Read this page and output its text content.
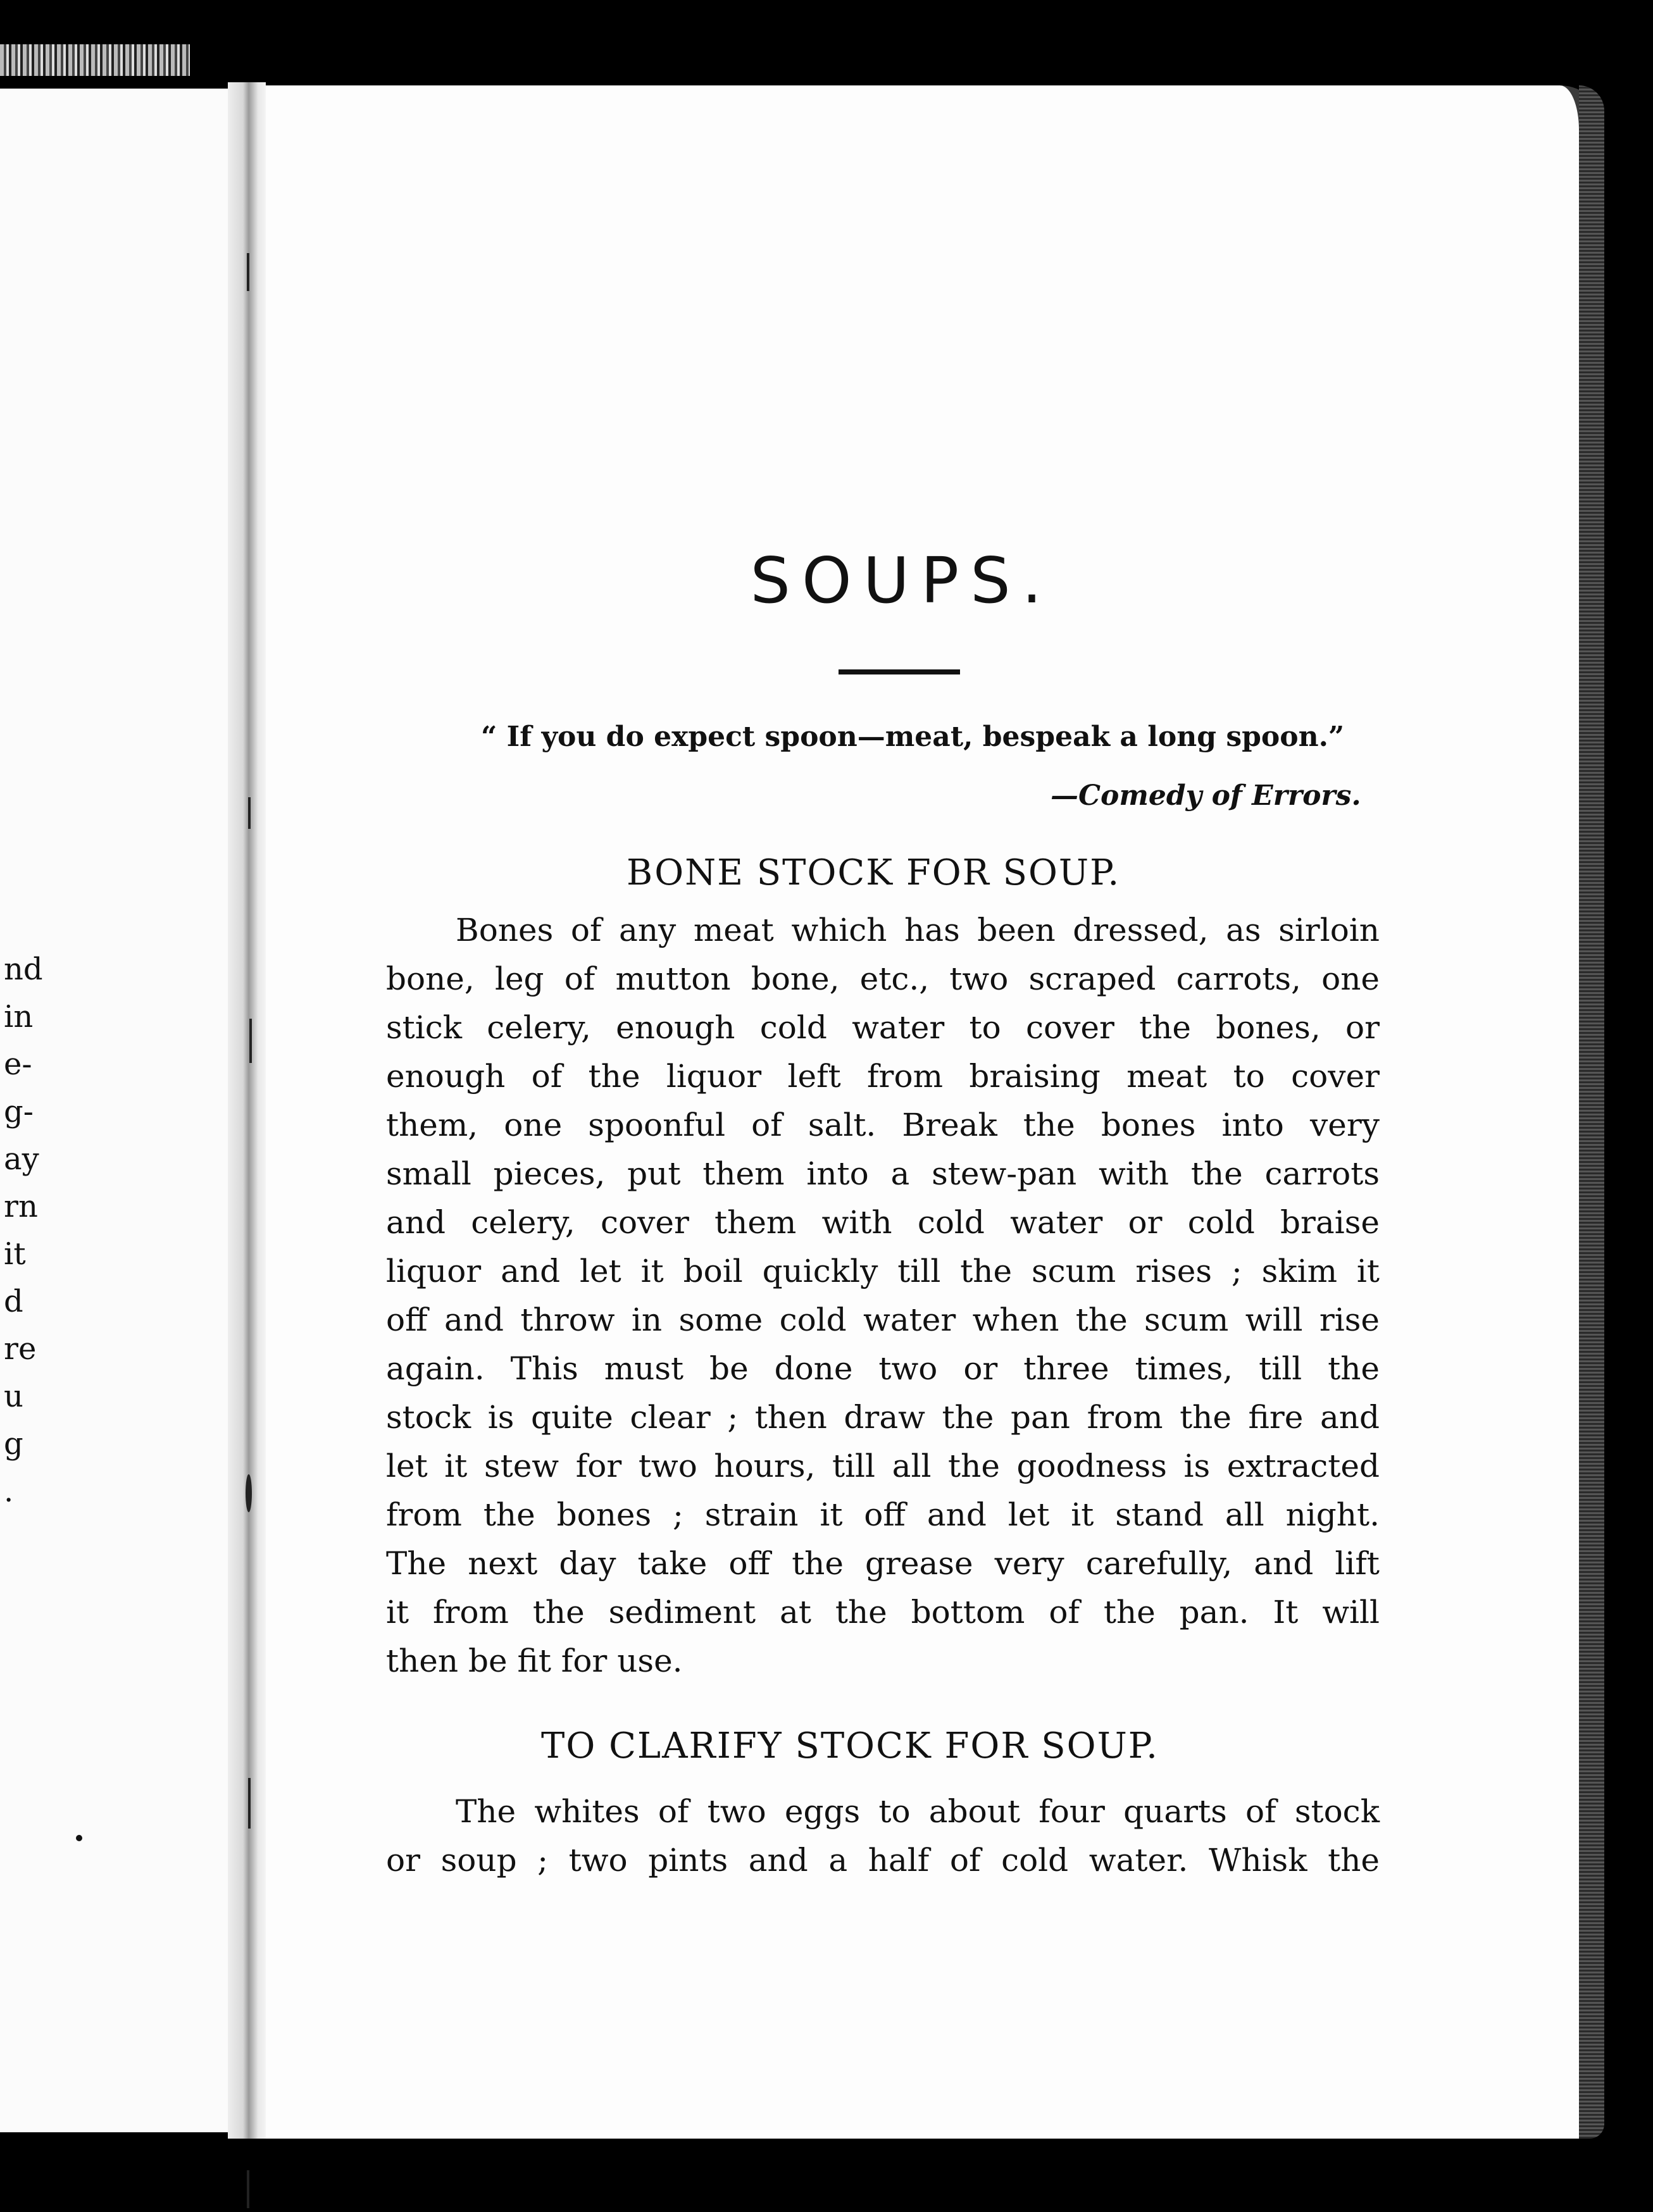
nd
in
e-
g-
ay
rn
it
d
re
u
g
.
SOUPS.
“ If you do expect spoon—meat, bespeak a long spoon.”
—Comedy of Errors.
BONE STOCK FOR SOUP.
Bones of any meat which has been dressed, as sirloin
bone, leg of mutton bone, etc., two scraped carrots, one
stick celery, enough cold water to cover the bones, or
enough of the liquor left from braising meat to cover
them, one spoonful of salt. Break the bones into very
small pieces, put them into a stew-pan with the carrots
and celery, cover them with cold water or cold braise
liquor and let it boil quickly till the scum rises ; skim it
off and throw in some cold water when the scum will rise
again. This must be done two or three times, till the
stock is quite clear ; then draw the pan from the fire and
let it stew for two hours, till all the goodness is extracted
from the bones ; strain it off and let it stand all night.
The next day take off the grease very carefully, and lift
it from the sediment at the bottom of the pan. It will
then be fit for use.
TO CLARIFY STOCK FOR SOUP.
The whites of two eggs to about four quarts of stock
or soup ; two pints and a half of cold water. Whisk the
